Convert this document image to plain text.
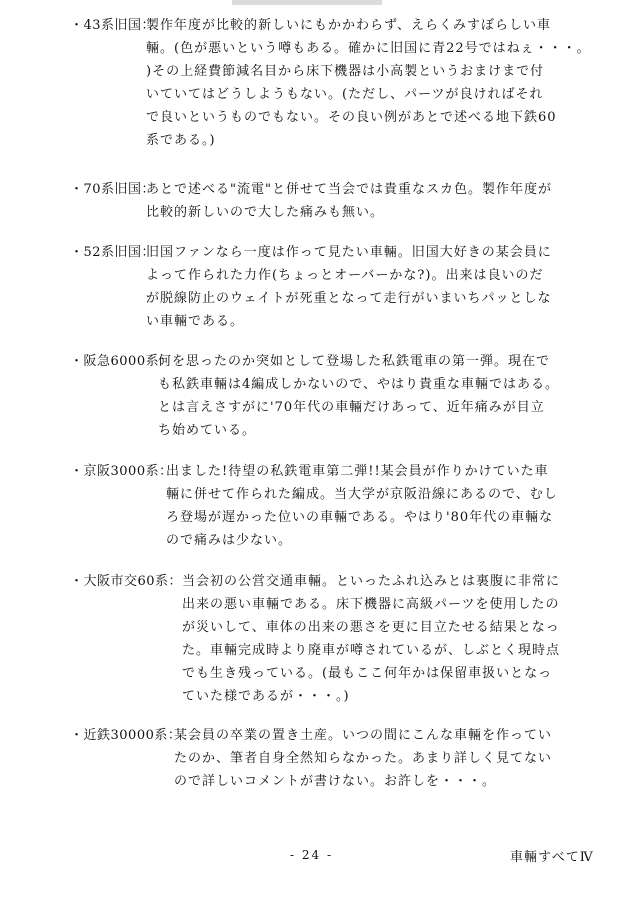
・43系旧国：
製作年度が比較的新しいにもかかわらず、えらくみすぼらしい車
輛。(色が悪いという噂もある。確かに旧国に青22号ではねぇ・・・。
)その上経費節減名目から床下機器は小高製というおまけまで付
いていてはどうしようもない。(ただし、パーツが良ければそれ
で良いというものでもない。その良い例があとで述べる地下鉄60
系である。)
・70系旧国：
あとで述べる"流電"と併せて当会では貴重なスカ色。製作年度が
比較的新しいので大した痛みも無い。
・52系旧国：
旧国ファンなら一度は作って見たい車輛。旧国大好きの某会員に
よって作られた力作(ちょっとオーバーかな?)。出来は良いのだ
が脱線防止のウェイトが死重となって走行がいまいちパッとしな
い車輛である。
・阪急6000系：
何を思ったのか突如として登場した私鉄電車の第一弾。現在で
も私鉄車輛は4編成しかないので、やはり貴重な車輛ではある。
とは言えさすがに'70年代の車輛だけあって、近年痛みが目立
ち始めている。
・京阪3000系：
出ました!待望の私鉄電車第二弾!!某会員が作りかけていた車
輛に併せて作られた編成。当大学が京阪沿線にあるので、むし
ろ登場が遅かった位いの車輛である。やはり'80年代の車輛な
ので痛みは少ない。
・大阪市交60系： 当会初の公営交通車輛。といったふれ込みとは裏腹に非常に
出来の悪い車輛である。床下機器に高級パーツを使用したの
が災いして、車体の出来の悪さを更に目立たせる結果となっ
た。車輛完成時より廃車が噂されているが、しぶとく現時点
でも生き残っている。(最もここ何年かは保留車扱いとなっ
ていた様であるが・・・。)
・近鉄30000系：
某会員の卒業の置き土産。いつの間にこんな車輛を作ってい
たのか、筆者自身全然知らなかった。あまり詳しく見てない
ので詳しいコメントが書けない。お許しを・・・。
- 24 -	車輛すべてⅣ
